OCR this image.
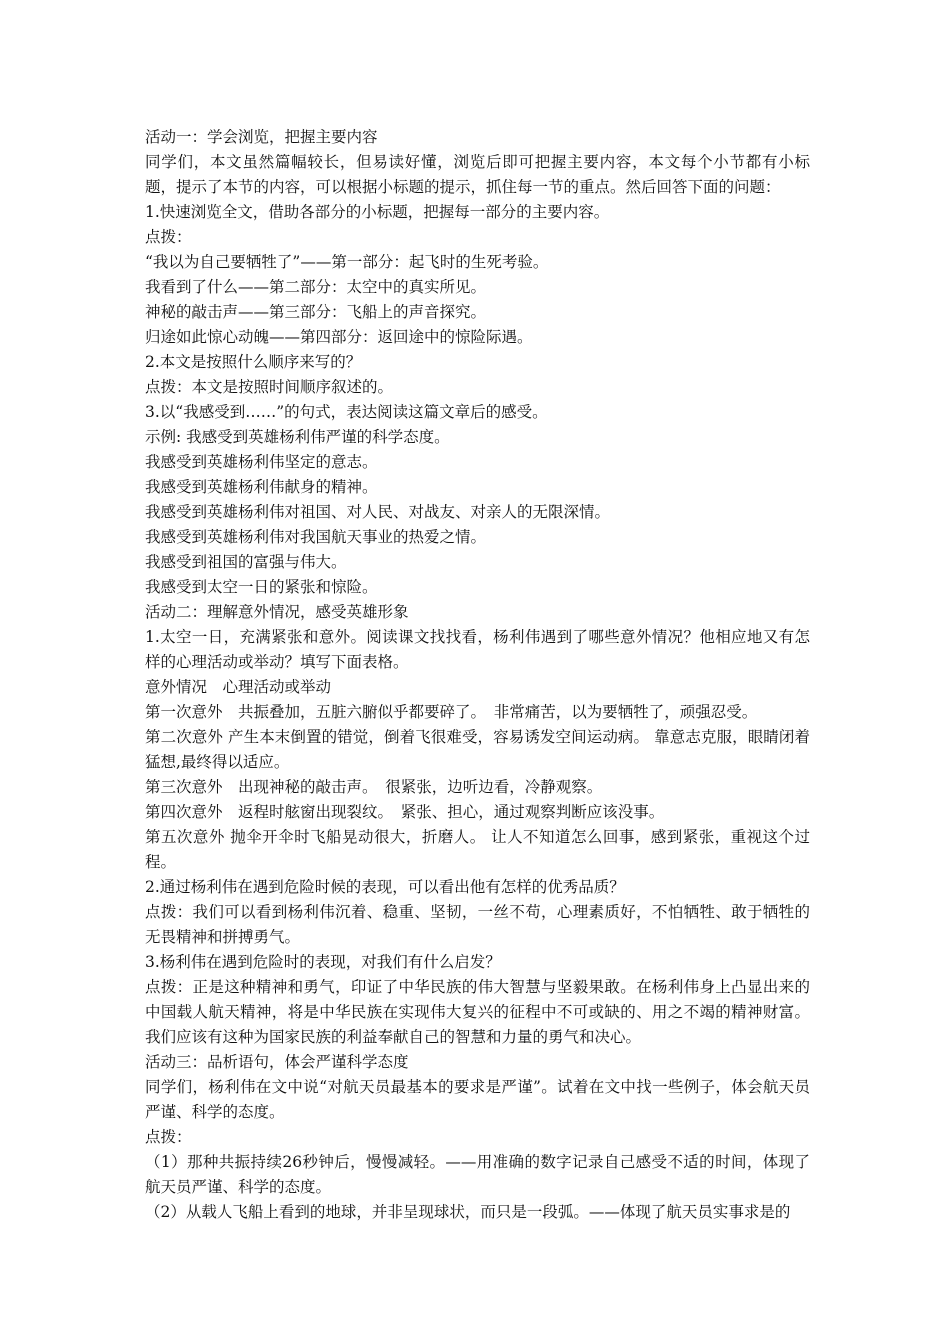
活动一：学会浏览，把握主要内容

同学们，本文虽然篇幅较长，但易读好懂，浏览后即可把握主要内容，本文每个小节都有小标题，提示了本节的内容，可以根据小标题的提示，抓住每一节的重点。然后回答下面的问题：

1.快速浏览全文，借助各部分的小标题，把握每一部分的主要内容。

点拨：

“我以为自己要牺牲了”——第一部分：起飞时的生死考验。

我看到了什么——第二部分：太空中的真实所见。

神秘的敲击声——第三部分：飞船上的声音探究。

归途如此惊心动魄——第四部分：返回途中的惊险际遇。

2.本文是按照什么顺序来写的？

点拨：本文是按照时间顺序叙述的。

3.以“我感受到……”的句式，表达阅读这篇文章后的感受。

示例: 我感受到英雄杨利伟严谨的科学态度。

我感受到英雄杨利伟坚定的意志。

我感受到英雄杨利伟献身的精神。

我感受到英雄杨利伟对祖国、对人民、对战友、对亲人的无限深情。

我感受到英雄杨利伟对我国航天事业的热爱之情。

我感受到祖国的富强与伟大。

我感受到太空一日的紧张和惊险。

活动二：理解意外情况，感受英雄形象

1.太空一日，充满紧张和意外。阅读课文找找看，杨利伟遇到了哪些意外情况？他相应地又有怎样的心理活动或举动？填写下面表格。

意外情况　心理活动或举动

第一次意外　共振叠加，五脏六腑似乎都要碎了。　非常痛苦，以为要牺牲了，顽强忍受。

第二次意外 产生本末倒置的错觉，倒着飞很难受，容易诱发空间运动病。 靠意志克服，眼睛闭着猛想,最终得以适应。

第三次意外　出现神秘的敲击声。　很紧张，边听边看，冷静观察。

第四次意外　返程时舷窗出现裂纹。　紧张、担心，通过观察判断应该没事。

第五次意外 抛伞开伞时飞船晃动很大，折磨人。 让人不知道怎么回事，感到紧张，重视这个过程。

2.通过杨利伟在遇到危险时候的表现，可以看出他有怎样的优秀品质？

点拨：我们可以看到杨利伟沉着、稳重、坚韧，一丝不苟，心理素质好，不怕牺牲、敢于牺牲的无畏精神和拼搏勇气。

3.杨利伟在遇到危险时的表现，对我们有什么启发？

点拨：正是这种精神和勇气，印证了中华民族的伟大智慧与坚毅果敢。在杨利伟身上凸显出来的中国载人航天精神，将是中华民族在实现伟大复兴的征程中不可或缺的、用之不竭的精神财富。我们应该有这种为国家民族的利益奉献自己的智慧和力量的勇气和决心。

活动三：品析语句，体会严谨科学态度

同学们，杨利伟在文中说“对航天员最基本的要求是严谨”。试着在文中找一些例子，体会航天员严谨、科学的态度。

点拨：

（1）那种共振持续26秒钟后，慢慢减轻。——用准确的数字记录自己感受不适的时间，体现了航天员严谨、科学的态度。

（2）从载人飞船上看到的地球，并非呈现球状，而只是一段弧。——体现了航天员实事求是的
